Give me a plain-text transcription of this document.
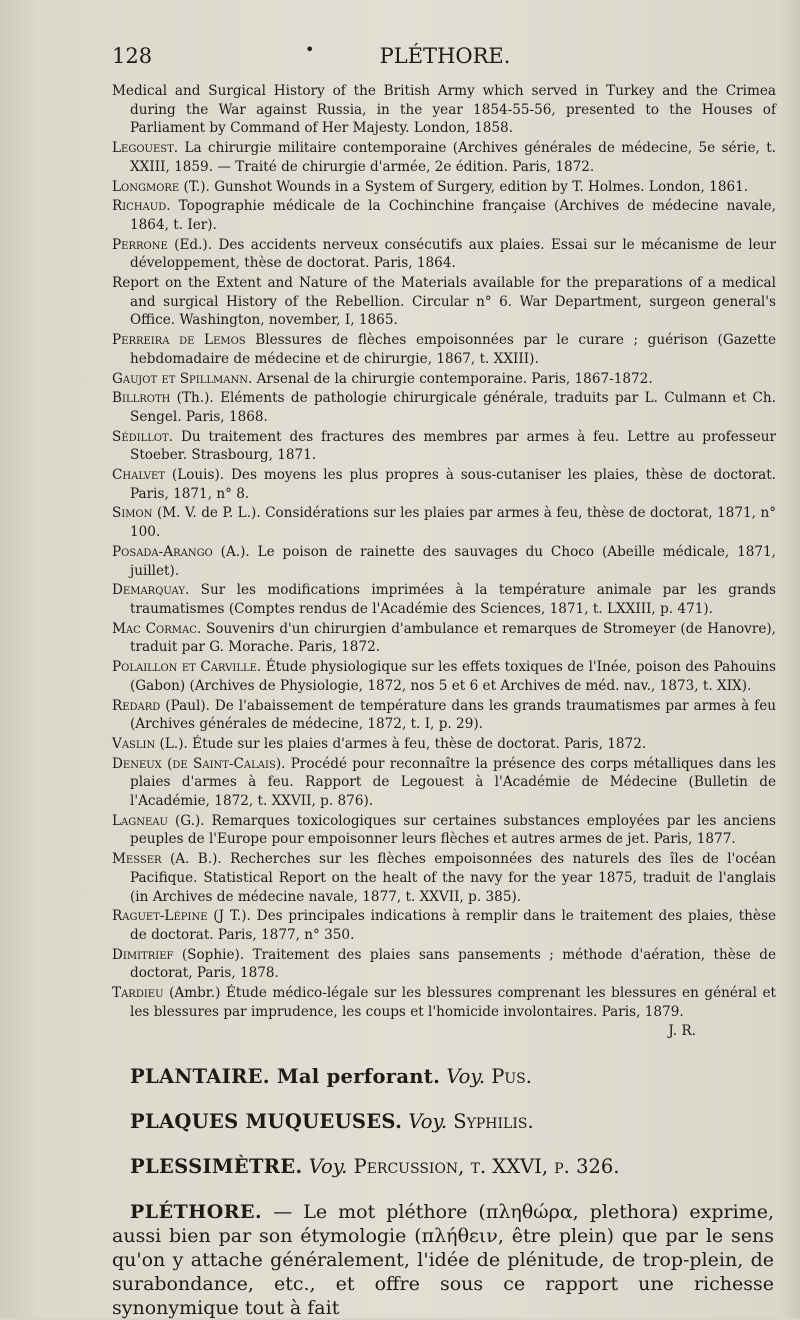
128	•	PLÉTHORE.

Medical and Surgical History of the British Army which served in Turkey and the Crimea during the War against Russia, in the year 1854-55-56, presented to the Houses of Parliament by Command of Her Majesty. London, 1858.

Legouest. La chirurgie militaire contemporaine (Archives générales de médecine, 5e série, t. XXIII, 1859. — Traité de chirurgie d'armée, 2e édition. Paris, 1872.

Longmore (T.). Gunshot Wounds in a System of Surgery, edition by T. Holmes. London, 1861.

Richaud. Topographie médicale de la Cochinchine française (Archives de médecine navale, 1864, t. Ier).

Perrone (Ed.). Des accidents nerveux consécutifs aux plaies. Essai sur le mécanisme de leur développement, thèse de doctorat. Paris, 1864.

Report on the Extent and Nature of the Materials available for the preparations of a medical and surgical History of the Rebellion. Circular n° 6. War Department, surgeon general's Office. Washington, november, I, 1865.

Perreira de Lemos Blessures de flèches empoisonnées par le curare ; guérison (Gazette hebdomadaire de médecine et de chirurgie, 1867, t. XXIII).

Gaujot et Spillmann. Arsenal de la chirurgie contemporaine. Paris, 1867-1872.

Billroth (Th.). Eléments de pathologie chirurgicale générale, traduits par L. Culmann et Ch. Sengel. Paris, 1868.

Sédillot. Du traitement des fractures des membres par armes à feu. Lettre au professeur Stoeber. Strasbourg, 1871.

Chalvet (Louis). Des moyens les plus propres à sous-cutaniser les plaies, thèse de doctorat. Paris, 1871, n° 8.

Simon (M. V. de P. L.). Considérations sur les plaies par armes à feu, thèse de doctorat, 1871, n° 100.

Posada-Arango (A.). Le poison de rainette des sauvages du Choco (Abeille médicale, 1871, juillet).

Demarquay. Sur les modifications imprimées à la température animale par les grands traumatismes (Comptes rendus de l'Académie des Sciences, 1871, t. LXXIII, p. 471).

Mac Cormac. Souvenirs d'un chirurgien d'ambulance et remarques de Stromeyer (de Hanovre), traduit par G. Morache. Paris, 1872.

Polaillon et Carville. Étude physiologique sur les effets toxiques de l'Inée, poison des Pahouins (Gabon) (Archives de Physiologie, 1872, nos 5 et 6 et Archives de méd. nav., 1873, t. XIX).

Redard (Paul). De l'abaissement de température dans les grands traumatismes par armes à feu (Archives générales de médecine, 1872, t. I, p. 29).

Vaslin (L.). Étude sur les plaies d'armes à feu, thèse de doctorat. Paris, 1872.

Deneux (de Saint-Calais). Procédé pour reconnaître la présence des corps métalliques dans les plaies d'armes à feu. Rapport de Legouest à l'Académie de Médecine (Bulletin de l'Académie, 1872, t. XXVII, p. 876).

Lagneau (G.). Remarques toxicologiques sur certaines substances employées par les anciens peuples de l'Europe pour empoisonner leurs flèches et autres armes de jet. Paris, 1877.

Messer (A. B.). Recherches sur les flèches empoisonnées des naturels des îles de l'océan Pacifique. Statistical Report on the healt of the navy for the year 1875, traduit de l'anglais (in Archives de médecine navale, 1877, t. XXVII, p. 385).

Raguet-Lépine (J T.). Des principales indications à remplir dans le traitement des plaies, thèse de doctorat. Paris, 1877, n° 350.

Dimitrief (Sophie). Traitement des plaies sans pansements ; méthode d'aération, thèse de doctorat, Paris, 1878.

Tardieu (Ambr.) Étude médico-légale sur les blessures comprenant les blessures en général et les blessures par imprudence, les coups et l'homicide involontaires. Paris, 1879.

J. R.
PLANTAIRE. Mal perforant. Voy. Pus.
PLAQUES MUQUEUSES. Voy. Syphilis.
PLESSIMÈTRE. Voy. Percussion, t. XXVI, p. 326.
PLÉTHORE. — Le mot pléthore (πληθώρα, plethora) exprime, aussi bien par son étymologie (πλήθειν, être plein) que par le sens qu'on y attache généralement, l'idée de plénitude, de trop-plein, de surabondance, etc., et offre sous ce rapport une richesse synonymique tout à fait
